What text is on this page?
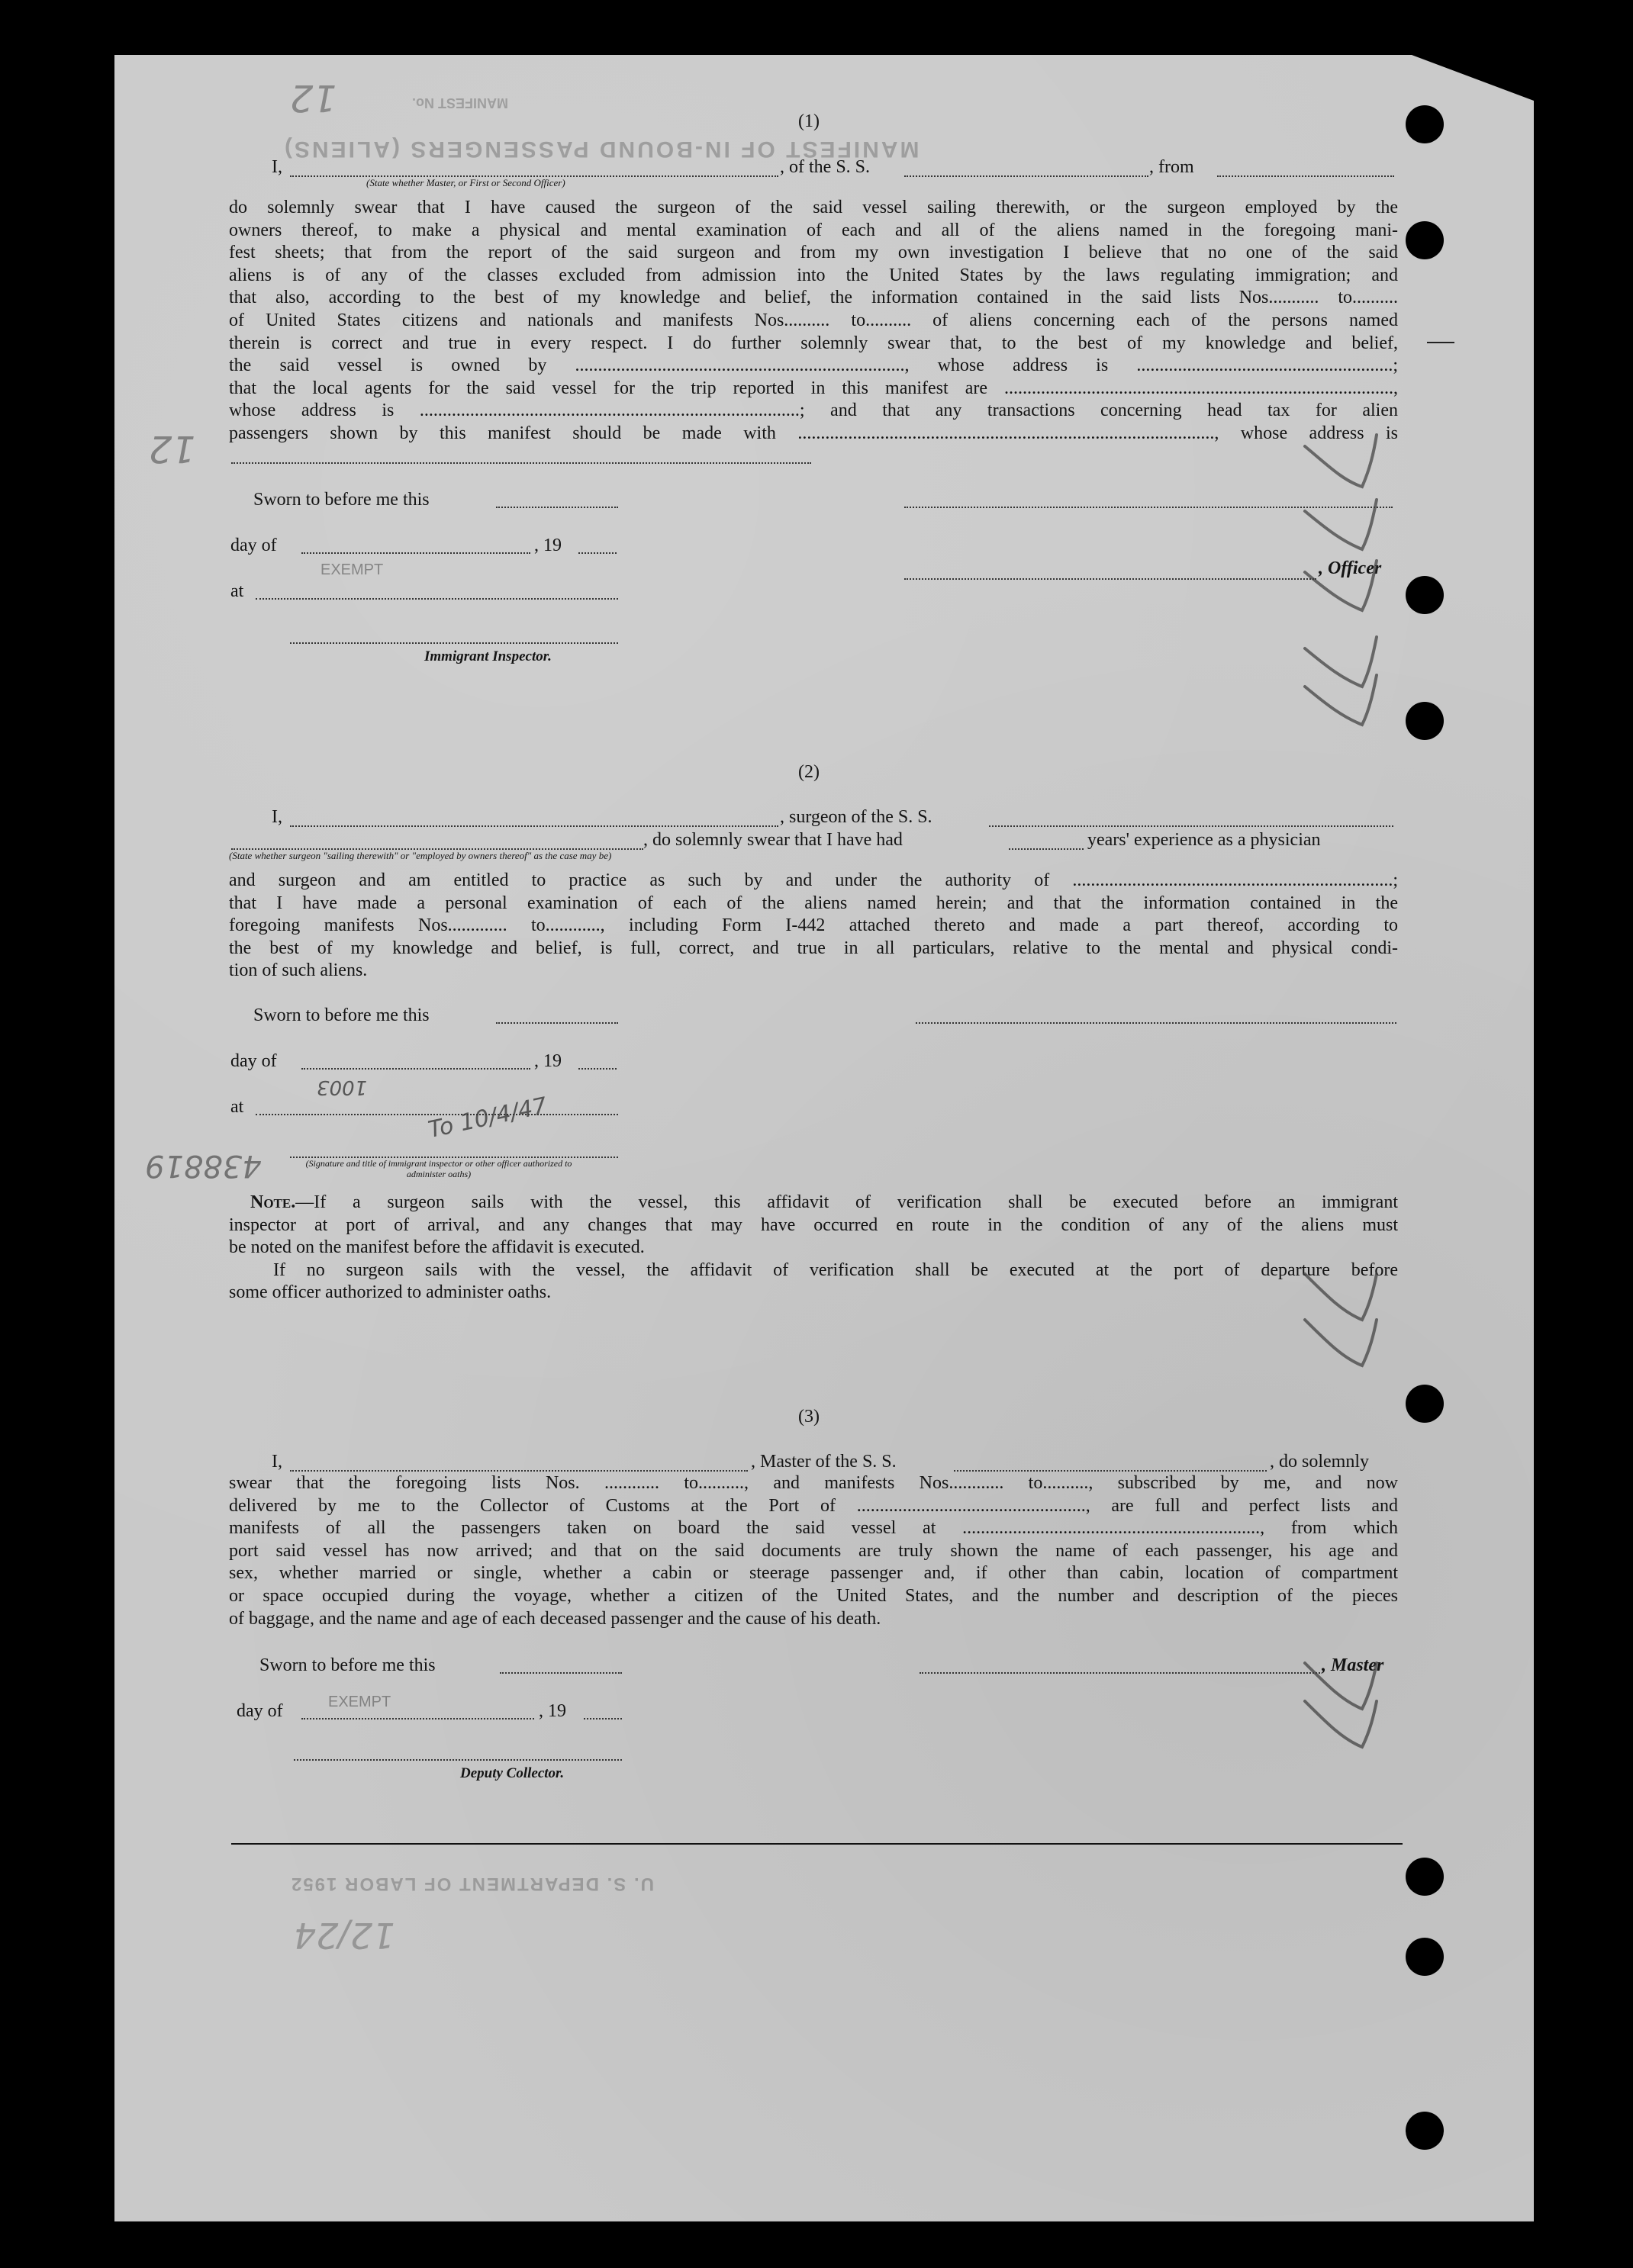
MANIFEST OF IN-BOUND PASSENGERS (ALIENS)
MANIFEST No.
12
12
(1)
I,	, of the S. S.	, from
(State whether Master, or First or Second Officer)
do solemnly swear that I have caused the surgeon of the said vessel sailing therewith, or the surgeon employed by the
owners thereof, to make a physical and mental examination of each and all of the aliens named in the foregoing mani-
fest sheets; that from the report of the said surgeon and from my own investigation I believe that no one of the said
aliens is of any of the classes excluded from admission into the United States by the laws regulating immigration; and
that also, according to the best of my knowledge and belief, the information contained in the said lists Nos........... to..........
of United States citizens and nationals and manifests Nos.......... to.......... of aliens concerning each of the persons named
therein is correct and true in every respect. I do further solemnly swear that, to the best of my knowledge and belief,
the said vessel is owned by ........................................................................, whose address is ........................................................;
that the local agents for the said vessel for the trip reported in this manifest are .....................................................................................,
whose address is ...................................................................................; and that any transactions concerning head tax for alien
passengers shown by this manifest should be made with ..........................................................................................., whose address is
Sworn to before me this
day of	, 19
, Officer
EXEMPT
at
Immigrant Inspector.
(2)
I,	, surgeon of the S. S.
, do solemnly swear that I have had	years' experience as a physician
(State whether surgeon "sailing therewith" or "employed by owners thereof" as the case may be)
and surgeon and am entitled to practice as such by and under the authority of ......................................................................;
that I have made a personal examination of each of the aliens named herein; and that the information contained in the
foregoing manifests Nos............. to............, including Form I-442 attached thereto and made a part thereof, according to
the best of my knowledge and belief, is full, correct, and true in all particulars, relative to the mental and physical condi-
tion of such aliens.
Sworn to before me this
day of	, 19
at
1003
To 10/4/47
438819	(Signature and title of immigrant inspector or other officer authorized to administer oaths)
Note.—If a surgeon sails with the vessel, this affidavit of verification shall be executed before an immigrant
inspector at port of arrival, and any changes that may have occurred en route in the condition of any of the aliens must
be noted on the manifest before the affidavit is executed.
If no surgeon sails with the vessel, the affidavit of verification shall be executed at the port of departure before
some officer authorized to administer oaths.
(3)
I,	, Master of the S. S.	, do solemnly
swear that the foregoing lists Nos. ............ to.........., and manifests Nos............ to.........., subscribed by me, and now
delivered by me to the Collector of Customs at the Port of .................................................., are full and perfect lists and
manifests of all the passengers taken on board the said vessel at ................................................................., from which
port said vessel has now arrived; and that on the said documents are truly shown the name of each passenger, his age and
sex, whether married or single, whether a cabin or steerage passenger and, if other than cabin, location of compartment
or space occupied during the voyage, whether a citizen of the United States, and the number and description of the pieces
of baggage, and the name and age of each deceased passenger and the cause of his death.
Sworn to before me this	, Master
day of	EXEMPT	, 19
Deputy Collector.
U. S. DEPARTMENT OF LABOR 1952
12/24
